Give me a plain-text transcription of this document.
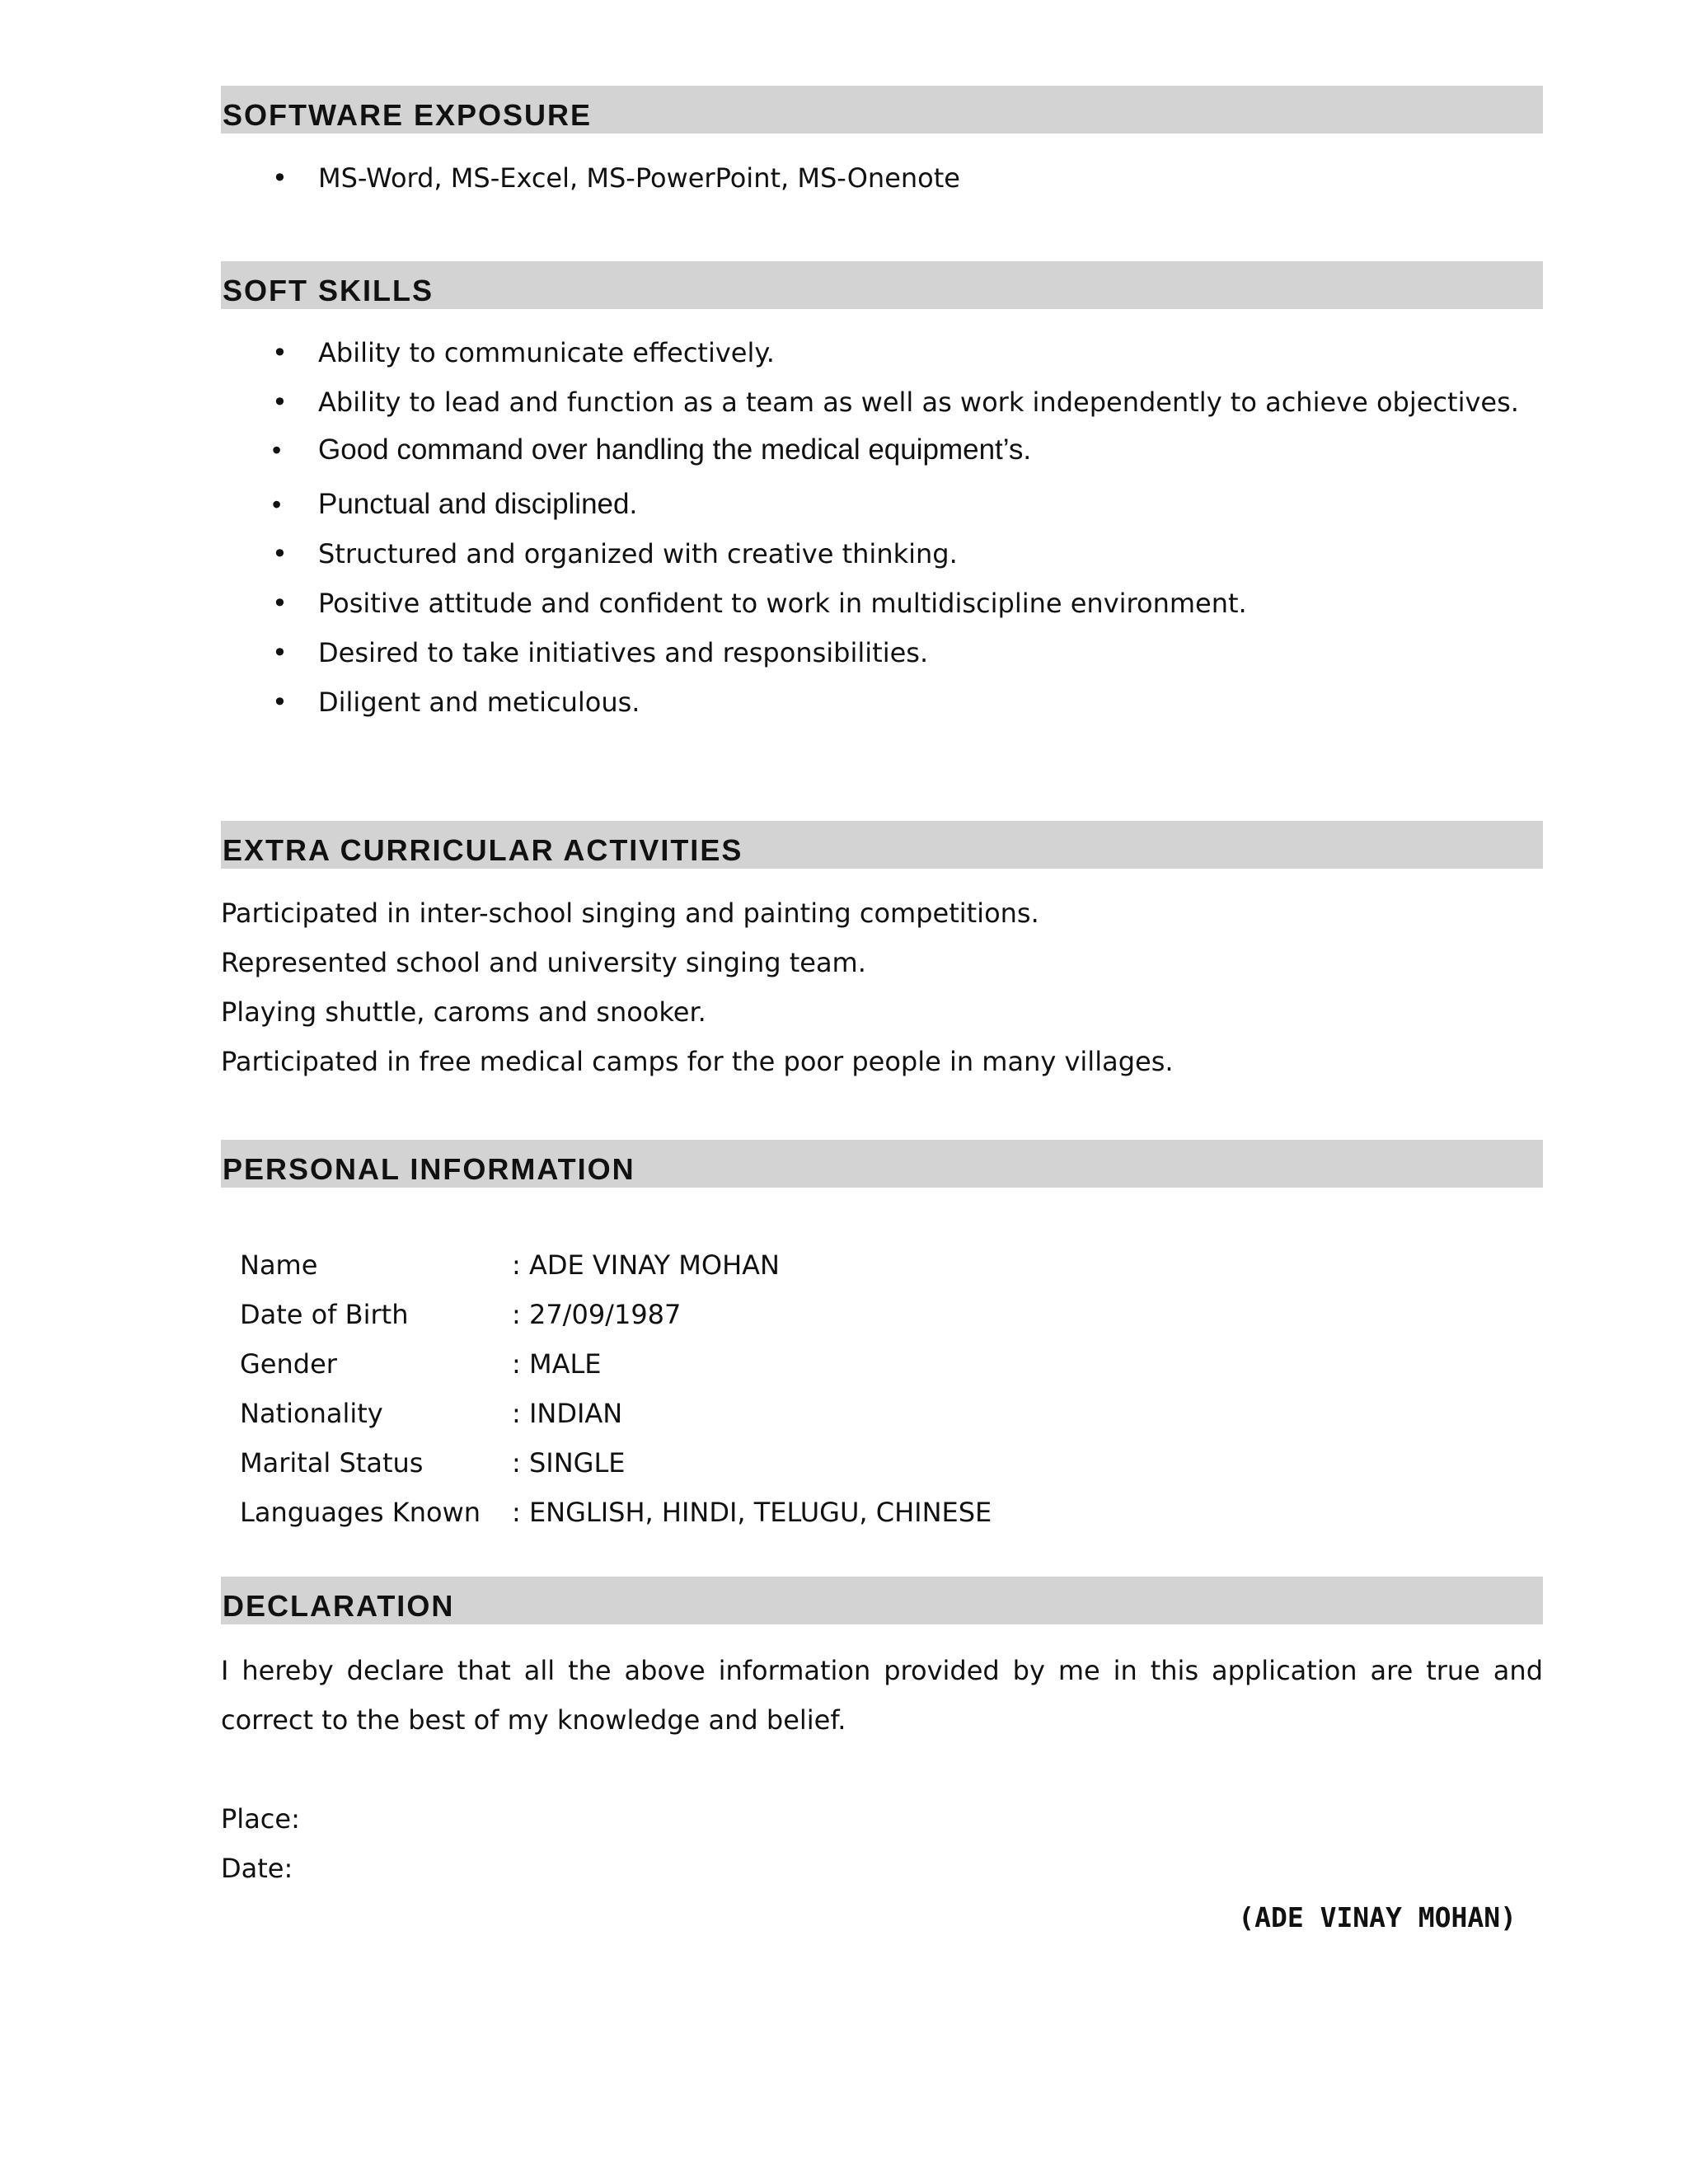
SOFTWARE EXPOSURE
• MS-Word, MS-Excel, MS-PowerPoint, MS-Onenote
SOFT SKILLS
• Ability to communicate effectively.
• Ability to lead and function as a team as well as work independently to achieve objectives.
• Good command over handling the medical equipment’s.
• Punctual and disciplined.
• Structured and organized with creative thinking.
• Positive attitude and confident to work in multidiscipline environment.
• Desired to take initiatives and responsibilities.
• Diligent and meticulous.
EXTRA CURRICULAR ACTIVITIES

Participated in inter-school singing and painting competitions.

Represented school and university singing team.

Playing shuttle, caroms and snooker.

Participated in free medical camps for the poor people in many villages.

PERSONAL INFORMATION
Name	: ADE VINAY MOHAN
Date of Birth	: 27/09/1987
Gender	: MALE
Nationality	: INDIAN
Marital Status	: SINGLE
Languages Known	: ENGLISH, HINDI, TELUGU, CHINESE
DECLARATION

I hereby declare that all the above information provided by me in this application are true and correct to the best of my knowledge and belief.

Place:

Date:

(ADE VINAY MOHAN)
